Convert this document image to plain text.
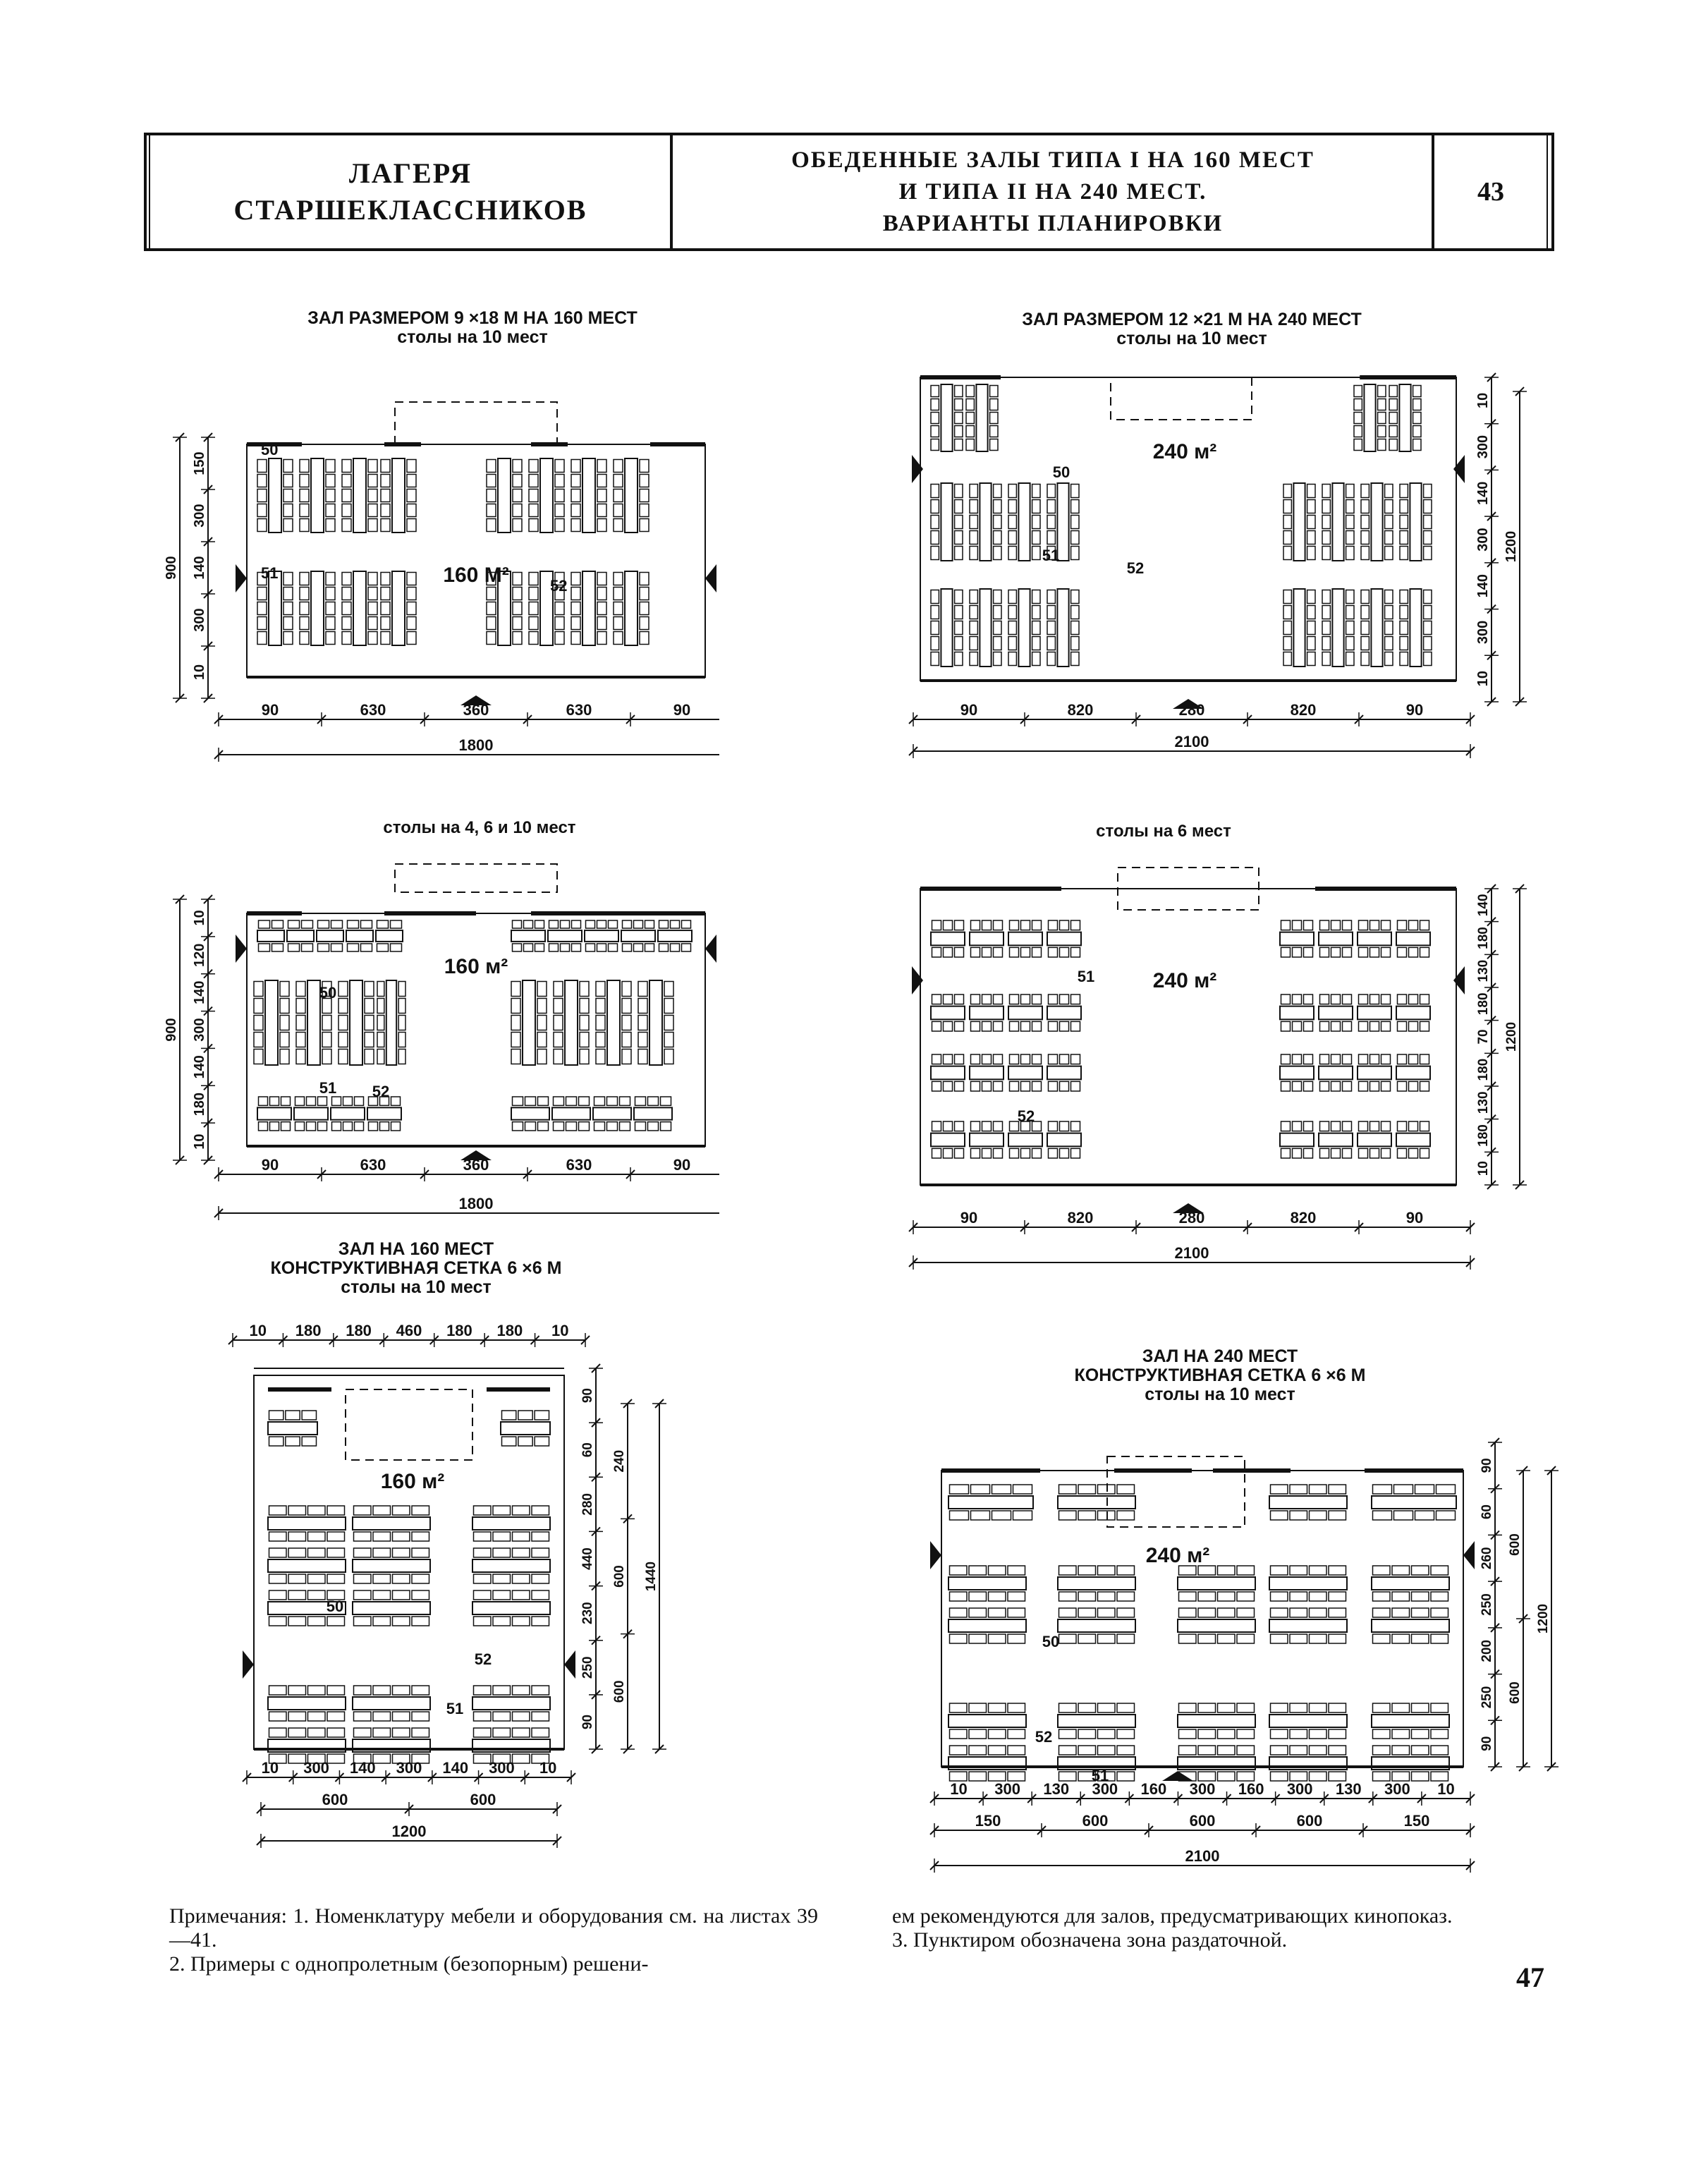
ЛАГЕРЯ
СТАРШЕКЛАССНИКОВ
ОБЕДЕННЫЕ ЗАЛЫ ТИПА I НА 160 МЕСТ
И ТИПА II НА 240 МЕСТ.
ВАРИАНТЫ ПЛАНИРОВКИ
43
ЗАЛ РАЗМЕРОМ 9 ×18 М НА 160 МЕСТ
столы на 10 мест
160 М²
50
51
52
90	630	360	630	90
1800
150
300
140
300
10
900
ЗАЛ РАЗМЕРОМ 12 ×21 М НА 240 МЕСТ
столы на 10 мест
240 м²
50
51
52
90	820	280	820	90
2100
10
300
140
300
140
300
10
1200
столы на 4, 6 и 10 мест
160 м²
50
51 52
90	630	360	630	90
1800
10
120
140
300
140
180
10
900
столы на 6 мест
240 м²
51
52
90	820	280	820	90
2100
140
180
130
180
70
180
130
180
10
1200
ЗАЛ НА 160 МЕСТ
КОНСТРУКТИВНАЯ СЕТКА 6 ×6 М
столы на 10 мест
10 180 180 460 180 180 10
160 м²
50
51
52
10 300 140 300 140 300 10
600	600
1200
90
60
280
440
230
250
90
240
600
600
1440
ЗАЛ НА 240 МЕСТ
КОНСТРУКТИВНАЯ СЕТКА 6 ×6 М
столы на 10 мест
240 м²
50
51
52
10 300 130 300 160 300 160 300 130 300 10
150	600	600	600	150
2100
90
60
260
250
200
250
90
600
600
1200
Примечания: 1. Номенклатуру мебели и оборудования см. на листах 39—41.
2. Примеры с однопролетным (безопорным) решени-
ем рекомендуются для залов, предусматривающих кинопоказ.
3. Пунктиром обозначена зона раздаточной.
47
